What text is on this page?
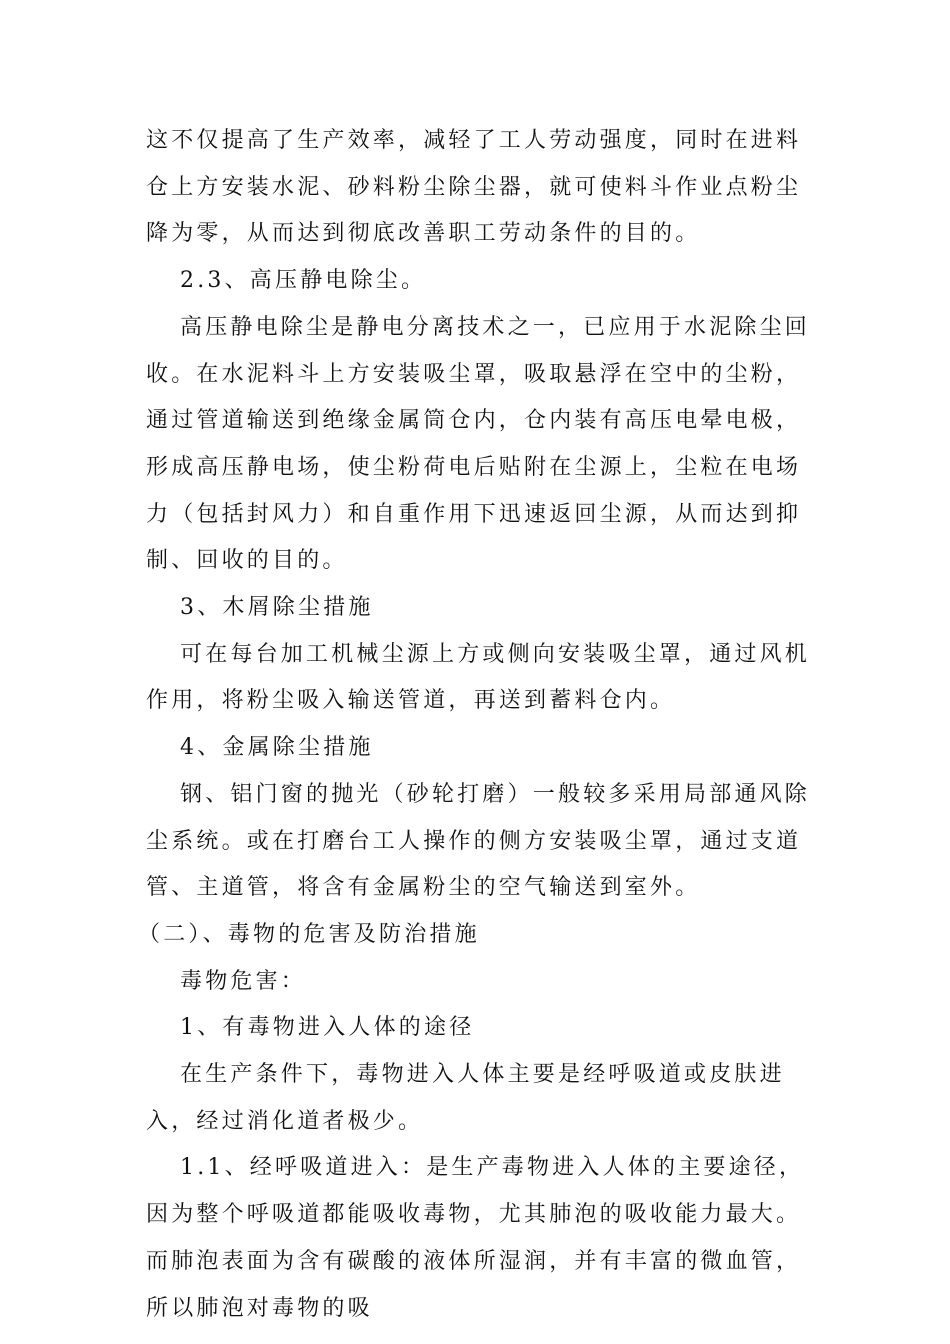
这不仅提高了生产效率，减轻了工人劳动强度，同时在进料仓上方安装水泥、砂料粉尘除尘器，就可使料斗作业点粉尘降为零，从而达到彻底改善职工劳动条件的目的。

2.3、高压静电除尘。

高压静电除尘是静电分离技术之一，已应用于水泥除尘回收。在水泥料斗上方安装吸尘罩，吸取悬浮在空中的尘粉，通过管道输送到绝缘金属筒仓内，仓内装有高压电晕电极，形成高压静电场，使尘粉荷电后贴附在尘源上，尘粒在电场力（包括封风力）和自重作用下迅速返回尘源，从而达到抑制、回收的目的。

3、木屑除尘措施

可在每台加工机械尘源上方或侧向安装吸尘罩，通过风机作用，将粉尘吸入输送管道，再送到蓄料仓内。

4、金属除尘措施

钢、铝门窗的抛光（砂轮打磨）一般较多采用局部通风除尘系统。或在打磨台工人操作的侧方安装吸尘罩，通过支道管、主道管，将含有金属粉尘的空气输送到室外。

（二）、毒物的危害及防治措施

毒物危害：

1、有毒物进入人体的途径

在生产条件下，毒物进入人体主要是经呼吸道或皮肤进入，经过消化道者极少。

1.1、经呼吸道进入：是生产毒物进入人体的主要途径，因为整个呼吸道都能吸收毒物，尤其肺泡的吸收能力最大。而肺泡表面为含有碳酸的液体所湿润，并有丰富的微血管，所以肺泡对毒物的吸
